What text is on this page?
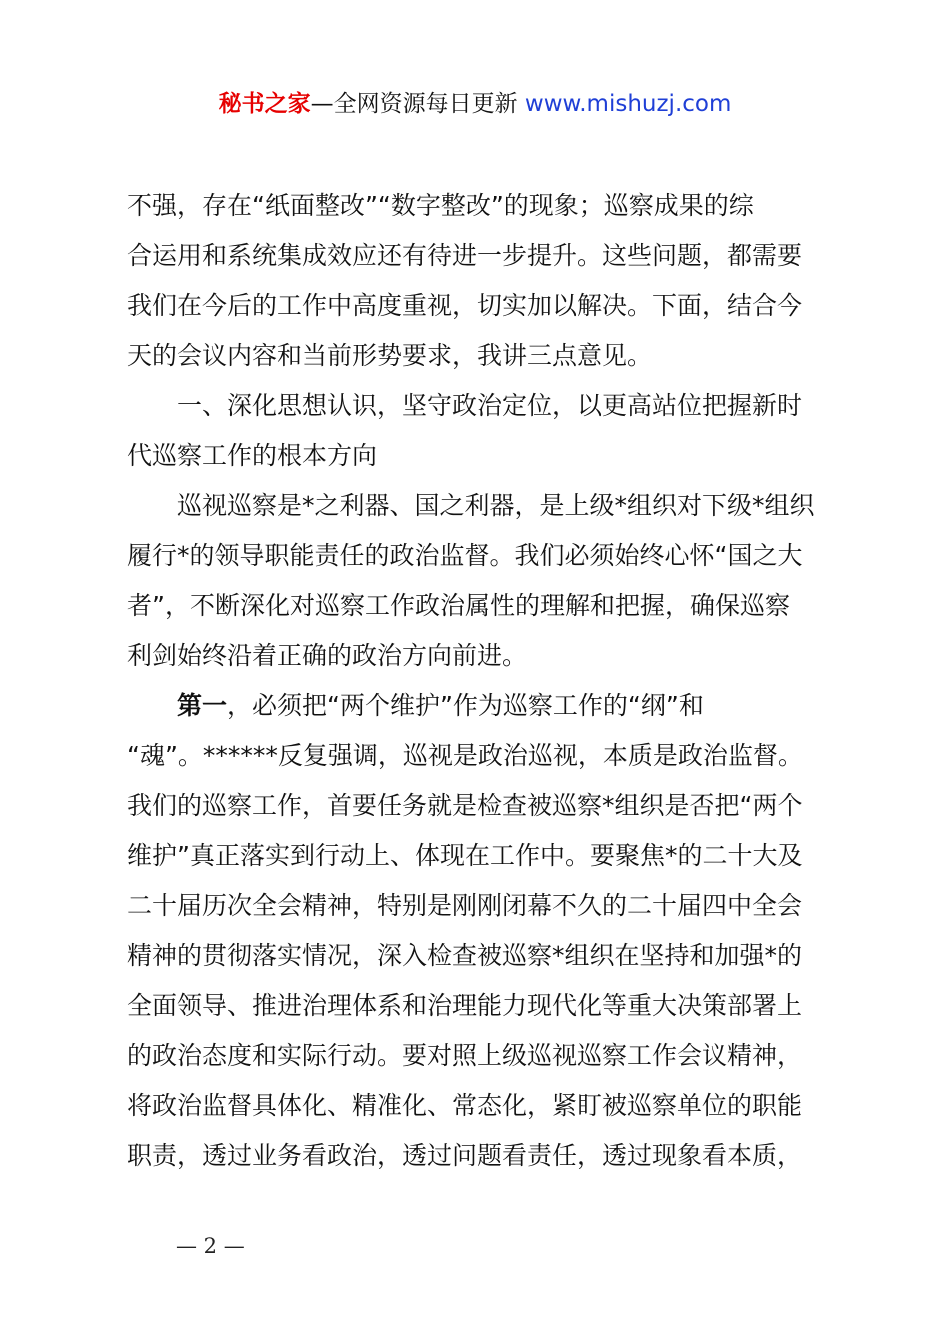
秘书之家—全网资源每日更新 www.mishuzj.com
不强，存在“纸面整改”“数字整改”的现象；巡察成果的综
合运用和系统集成效应还有待进一步提升。这些问题，都需要
我们在今后的工作中高度重视，切实加以解决。下面，结合今
天的会议内容和当前形势要求，我讲三点意见。
一、深化思想认识，坚守政治定位，以更高站位把握新时
代巡察工作的根本方向
巡视巡察是*之利器、国之利器，是上级*组织对下级*组织
履行*的领导职能责任的政治监督。我们必须始终心怀“国之大
者”，不断深化对巡察工作政治属性的理解和把握，确保巡察
利剑始终沿着正确的政治方向前进。
第一，必须把“两个维护”作为巡察工作的“纲”和
“魂”。******反复强调，巡视是政治巡视，本质是政治监督。
我们的巡察工作，首要任务就是检查被巡察*组织是否把“两个
维护”真正落实到行动上、体现在工作中。要聚焦*的二十大及
二十届历次全会精神，特别是刚刚闭幕不久的二十届四中全会
精神的贯彻落实情况，深入检查被巡察*组织在坚持和加强*的
全面领导、推进治理体系和治理能力现代化等重大决策部署上
的政治态度和实际行动。要对照上级巡视巡察工作会议精神，
将政治监督具体化、精准化、常态化，紧盯被巡察单位的职能
职责，透过业务看政治，透过问题看责任，透过现象看本质，
— 2 —
